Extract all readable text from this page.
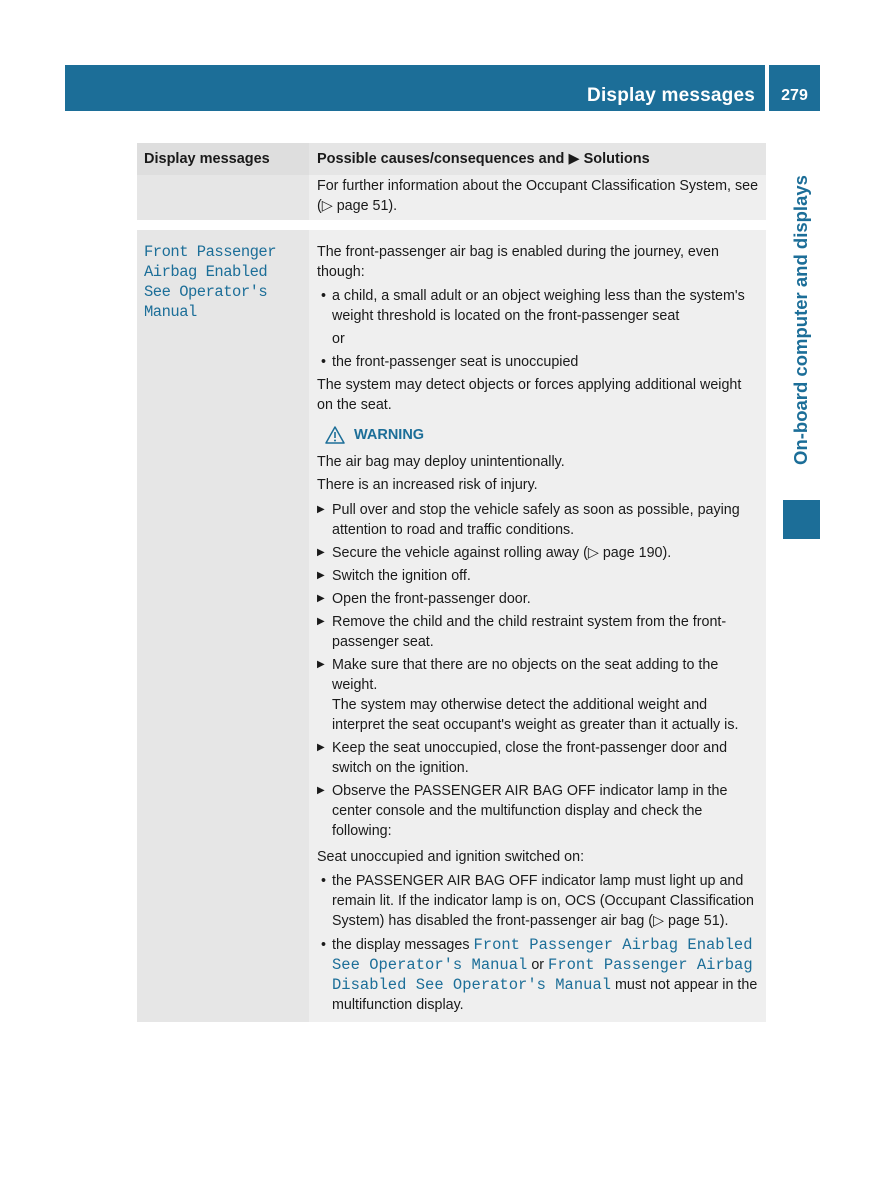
Display messages	279
On-board computer and displays
Display messages	Possible causes/consequences and ▶ Solutions

For further information about the Occupant Classification System, see (▷ page 51).

Front Passenger Airbag Enabled See Operator's Manual

The front-passenger air bag is enabled during the journey, even though:

• a child, a small adult or an object weighing less than the system's weight threshold is located on the front-passenger seat
or
• the front-passenger seat is unoccupied

The system may detect objects or forces applying additional weight on the seat.

WARNING

The air bag may deploy unintentionally.

There is an increased risk of injury.

▶ Pull over and stop the vehicle safely as soon as possible, paying attention to road and traffic conditions.
▶ Secure the vehicle against rolling away (▷ page 190).
▶ Switch the ignition off.
▶ Open the front-passenger door.
▶ Remove the child and the child restraint system from the front-passenger seat.
▶ Make sure that there are no objects on the seat adding to the weight.
The system may otherwise detect the additional weight and interpret the seat occupant's weight as greater than it actually is.
▶ Keep the seat unoccupied, close the front-passenger door and switch on the ignition.
▶ Observe the PASSENGER AIR BAG OFF indicator lamp in the center console and the multifunction display and check the following:

Seat unoccupied and ignition switched on:

• the PASSENGER AIR BAG OFF indicator lamp must light up and remain lit. If the indicator lamp is on, OCS (Occupant Classification System) has disabled the front-passenger air bag (▷ page 51).
• the display messages Front Passenger Airbag Enabled See Operator's Manual or Front Passenger Airbag Disabled See Operator's Manual must not appear in the multifunction display.
